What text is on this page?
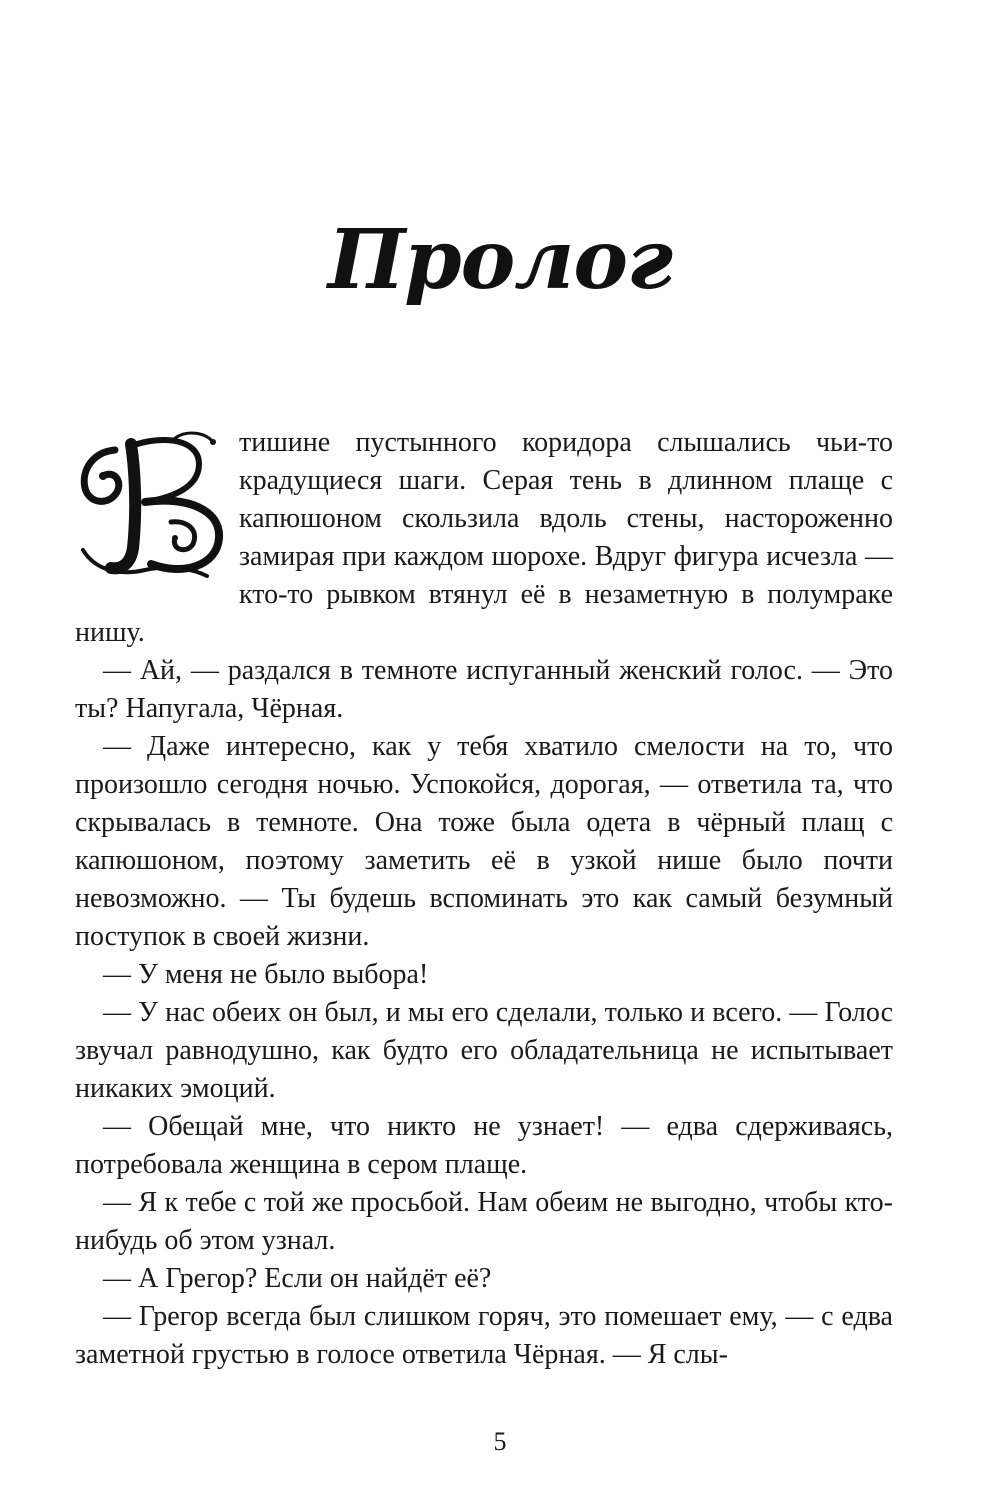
Пролог

тишине пустынного коридора слышались чьи-то крадущиеся шаги. Серая тень в длинном плаще с капюшоном скользила вдоль стены, настороженно замирая при каждом шорохе. Вдруг фигура исчезла — кто-то рывком втянул её в незаметную в полумраке нишу.

— Ай, — раздался в темноте испуганный женский голос. — Это ты? Напугала, Чёрная.

— Даже интересно, как у тебя хватило смелости на то, что произошло сегодня ночью. Успокойся, дорогая, — ответила та, что скрывалась в темноте. Она тоже была одета в чёрный плащ с капюшоном, поэтому заметить её в узкой нише было почти невозможно. — Ты будешь вспоминать это как самый безумный поступок в своей жизни.

— У меня не было выбора!

— У нас обеих он был, и мы его сделали, только и всего. — Голос звучал равнодушно, как будто его обладательница не испытывает никаких эмоций.

— Обещай мне, что никто не узнает! — едва сдерживаясь, потребовала женщина в сером плаще.

— Я к тебе с той же просьбой. Нам обеим не выгодно, чтобы кто-нибудь об этом узнал.

— А Грегор? Если он найдёт её?

— Грегор всегда был слишком горяч, это помешает ему, — с едва заметной грустью в голосе ответила Чёрная. — Я слы-

5
